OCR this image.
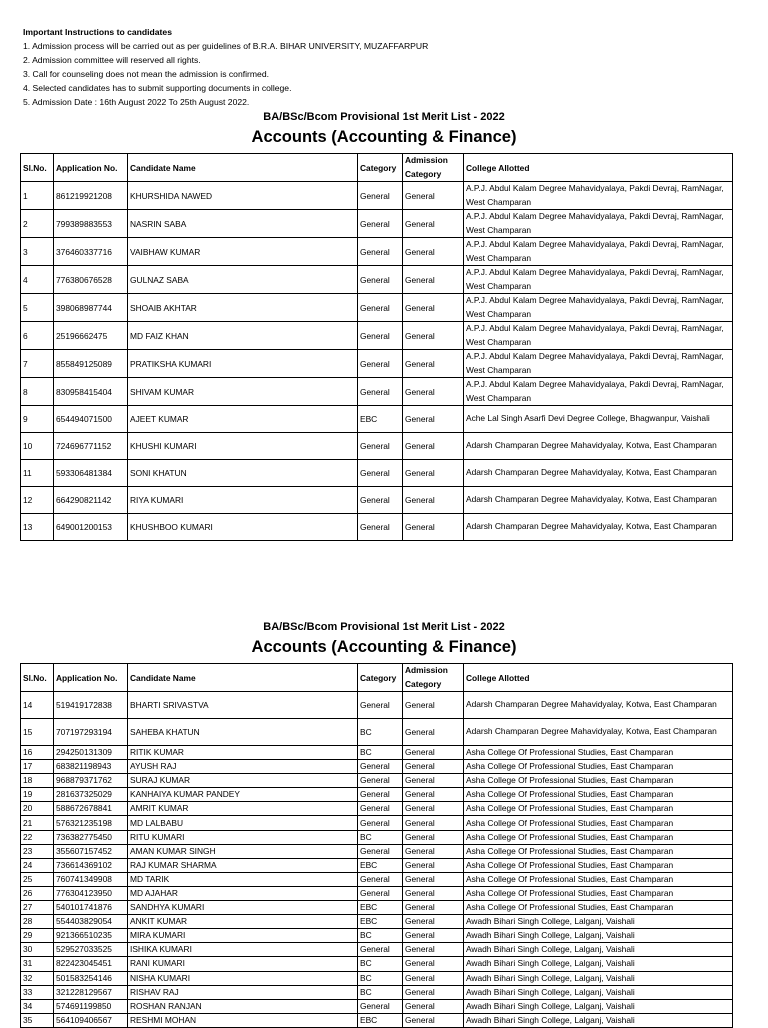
Important Instructions to candidates
1. Admission process will be carried out as per guidelines of B.R.A. BIHAR UNIVERSITY, MUZAFFARPUR
2. Admission committee will reserved all rights.
3. Call for counseling does not mean the admission is confirmed.
4. Selected candidates has to submit supporting documents in college.
5. Admission Date : 16th August 2022 To 25th August 2022.
BA/BSc/Bcom Provisional 1st Merit List - 2022
Accounts (Accounting & Finance)
Sl.No.	Application No.	Candidate Name	Category	Admission Category	College Allotted
1	861219921208	KHURSHIDA NAWED	General	General	A.P.J. Abdul Kalam Degree Mahavidyalaya, Pakdi Devraj, RamNagar, West Champaran
2	799389883553	NASRIN SABA	General	General	A.P.J. Abdul Kalam Degree Mahavidyalaya, Pakdi Devraj, RamNagar, West Champaran
3	376460337716	VAIBHAW KUMAR	General	General	A.P.J. Abdul Kalam Degree Mahavidyalaya, Pakdi Devraj, RamNagar, West Champaran
4	776380676528	GULNAZ SABA	General	General	A.P.J. Abdul Kalam Degree Mahavidyalaya, Pakdi Devraj, RamNagar, West Champaran
5	398068987744	SHOAIB AKHTAR	General	General	A.P.J. Abdul Kalam Degree Mahavidyalaya, Pakdi Devraj, RamNagar, West Champaran
6	25196662475	MD FAIZ KHAN	General	General	A.P.J. Abdul Kalam Degree Mahavidyalaya, Pakdi Devraj, RamNagar, West Champaran
7	855849125089	PRATIKSHA KUMARI	General	General	A.P.J. Abdul Kalam Degree Mahavidyalaya, Pakdi Devraj, RamNagar, West Champaran
8	830958415404	SHIVAM KUMAR	General	General	A.P.J. Abdul Kalam Degree Mahavidyalaya, Pakdi Devraj, RamNagar, West Champaran
9	654494071500	AJEET KUMAR	EBC	General	Ache Lal Singh Asarfi Devi Degree College, Bhagwanpur, Vaishali
10	724696771152	KHUSHI KUMARI	General	General	Adarsh Champaran Degree Mahavidyalay, Kotwa, East Champaran
11	593306481384	SONI KHATUN	General	General	Adarsh Champaran Degree Mahavidyalay, Kotwa, East Champaran
12	664290821142	RIYA KUMARI	General	General	Adarsh Champaran Degree Mahavidyalay, Kotwa, East Champaran
13	649001200153	KHUSHBOO KUMARI	General	General	Adarsh Champaran Degree Mahavidyalay, Kotwa, East Champaran
BA/BSc/Bcom Provisional 1st Merit List - 2022
Accounts (Accounting & Finance)
Sl.No.	Application No.	Candidate Name	Category	Admission Category	College Allotted
14	519419172838	BHARTI SRIVASTVA	General	General	Adarsh Champaran Degree Mahavidyalay, Kotwa, East Champaran
15	707197293194	SAHEBA KHATUN	BC	General	Adarsh Champaran Degree Mahavidyalay, Kotwa, East Champaran
16	294250131309	RITIK KUMAR	BC	General	Asha College Of Professional Studies, East Champaran
17	683821198943	AYUSH RAJ	General	General	Asha College Of Professional Studies, East Champaran
18	968879371762	SURAJ KUMAR	General	General	Asha College Of Professional Studies, East Champaran
19	281637325029	KANHAIYA KUMAR PANDEY	General	General	Asha College Of Professional Studies, East Champaran
20	588672678841	AMRIT KUMAR	General	General	Asha College Of Professional Studies, East Champaran
21	576321235198	MD LALBABU	General	General	Asha College Of Professional Studies, East Champaran
22	736382775450	RITU KUMARI	BC	General	Asha College Of Professional Studies, East Champaran
23	355607157452	AMAN KUMAR SINGH	General	General	Asha College Of Professional Studies, East Champaran
24	736614369102	RAJ KUMAR SHARMA	EBC	General	Asha College Of Professional Studies, East Champaran
25	760741349908	MD TARIK	General	General	Asha College Of Professional Studies, East Champaran
26	776304123950	MD AJAHAR	General	General	Asha College Of Professional Studies, East Champaran
27	540101741876	SANDHYA KUMARI	EBC	General	Asha College Of Professional Studies, East Champaran
28	554403829054	ANKIT KUMAR	EBC	General	Awadh Bihari Singh College, Lalganj, Vaishali
29	921366510235	MIRA KUMARI	BC	General	Awadh Bihari Singh College, Lalganj, Vaishali
30	529527033525	ISHIKA KUMARI	General	General	Awadh Bihari Singh College, Lalganj, Vaishali
31	822423045451	RANI KUMARI	BC	General	Awadh Bihari Singh College, Lalganj, Vaishali
32	501583254146	NISHA KUMARI	BC	General	Awadh Bihari Singh College, Lalganj, Vaishali
33	321228129567	RISHAV RAJ	BC	General	Awadh Bihari Singh College, Lalganj, Vaishali
34	574691199850	ROSHAN RANJAN	General	General	Awadh Bihari Singh College, Lalganj, Vaishali
35	564109406567	RESHMI MOHAN	EBC	General	Awadh Bihari Singh College, Lalganj, Vaishali
